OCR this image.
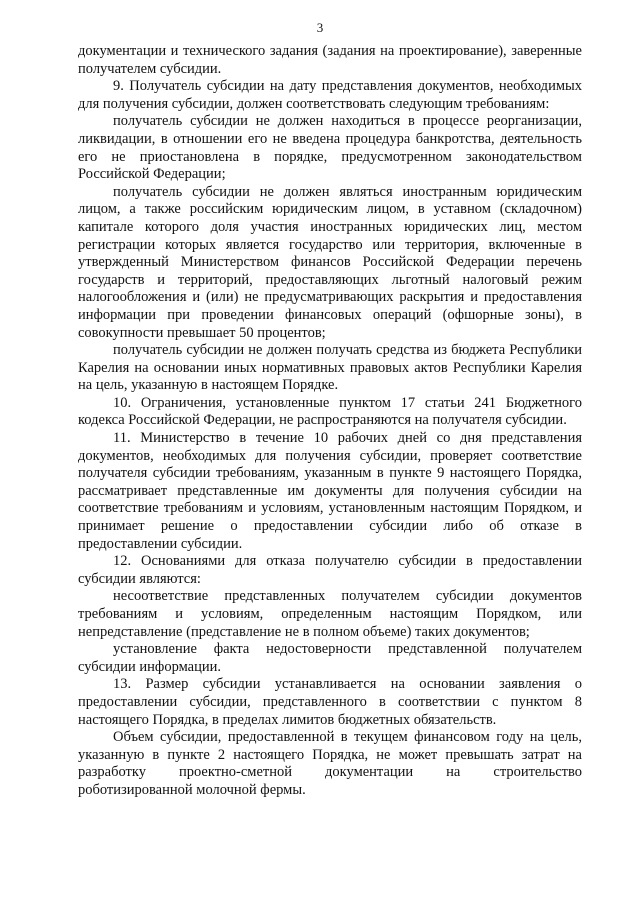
3

документации и технического задания (задания на проектирование), заверенные получателем субсидии.

9. Получатель субсидии на дату представления документов, необходимых для получения субсидии, должен соответствовать следующим требованиям:

получатель субсидии не должен находиться в процессе реорганизации, ликвидации, в отношении его не введена процедура банкротства, деятельность его не приостановлена в порядке, предусмотренном законодательством Российской Федерации;

получатель субсидии не должен являться иностранным юридическим лицом, а также российским юридическим лицом, в уставном (складочном) капитале которого доля участия иностранных юридических лиц, местом регистрации которых является государство или территория, включенные в утвержденный Министерством финансов Российской Федерации перечень государств и территорий, предоставляющих льготный налоговый режим налогообложения и (или) не предусматривающих раскрытия и предоставления информации при проведении финансовых операций (офшорные зоны), в совокупности превышает 50 процентов;

получатель субсидии не должен получать средства из бюджета Республики Карелия на основании иных нормативных правовых актов Республики Карелия на цель, указанную в настоящем Порядке.

10. Ограничения, установленные пунктом 17 статьи 241 Бюджетного кодекса Российской Федерации, не распространяются на получателя субсидии.

11. Министерство в течение 10 рабочих дней со дня представления документов, необходимых для получения субсидии, проверяет соответствие получателя субсидии требованиям, указанным в пункте 9 настоящего Порядка, рассматривает представленные им документы для получения субсидии на соответствие требованиям и условиям, установленным настоящим Порядком, и принимает решение о предоставлении субсидии либо об отказе в предоставлении субсидии.

12. Основаниями для отказа получателю субсидии в предоставлении субсидии являются:

несоответствие представленных получателем субсидии документов требованиям и условиям, определенным настоящим Порядком, или непредставление (представление не в полном объеме) таких документов;

установление факта недостоверности представленной получателем субсидии информации.

13. Размер субсидии устанавливается на основании заявления о предоставлении субсидии, представленного в соответствии с пунктом 8 настоящего Порядка, в пределах лимитов бюджетных обязательств.

Объем субсидии, предоставленной в текущем финансовом году на цель, указанную в пункте 2 настоящего Порядка, не может превышать затрат на разработку проектно-сметной документации на строительство роботизированной молочной фермы.
